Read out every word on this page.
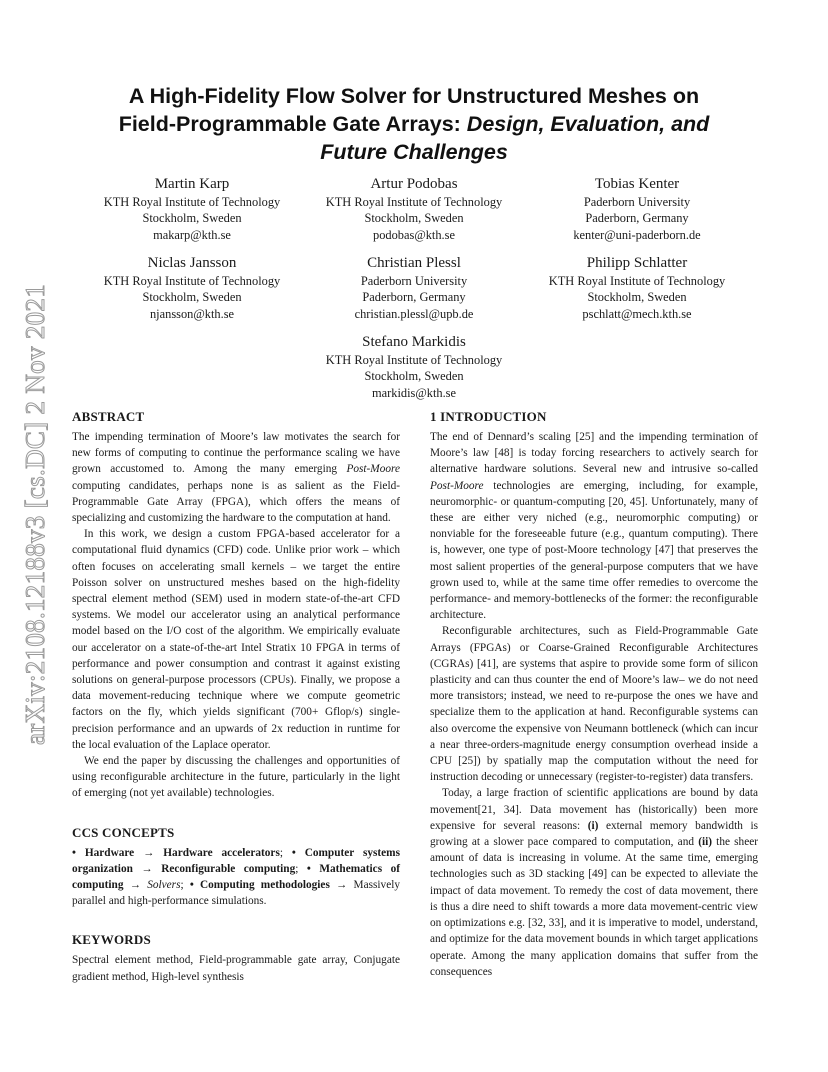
arXiv:2108.12188v3 [cs.DC] 2 Nov 2021
A High-Fidelity Flow Solver for Unstructured Meshes on
Field-Programmable Gate Arrays: Design, Evaluation, and
Future Challenges
Martin Karp
KTH Royal Institute of Technology
Stockholm, Sweden
makarp@kth.se
Artur Podobas
KTH Royal Institute of Technology
Stockholm, Sweden
podobas@kth.se
Tobias Kenter
Paderborn University
Paderborn, Germany
kenter@uni-paderborn.de
Niclas Jansson
KTH Royal Institute of Technology
Stockholm, Sweden
njansson@kth.se
Christian Plessl
Paderborn University
Paderborn, Germany
christian.plessl@upb.de
Philipp Schlatter
KTH Royal Institute of Technology
Stockholm, Sweden
pschlatt@mech.kth.se
Stefano Markidis
KTH Royal Institute of Technology
Stockholm, Sweden
markidis@kth.se
ABSTRACT

The impending termination of Moore’s law motivates the search for new forms of computing to continue the performance scaling we have grown accustomed to. Among the many emerging Post-Moore computing candidates, perhaps none is as salient as the Field-Programmable Gate Array (FPGA), which offers the means of specializing and customizing the hardware to the computation at hand.

In this work, we design a custom FPGA-based accelerator for a computational fluid dynamics (CFD) code. Unlike prior work – which often focuses on accelerating small kernels – we target the entire Poisson solver on unstructured meshes based on the high-fidelity spectral element method (SEM) used in modern state-of-the-art CFD systems. We model our accelerator using an analytical performance model based on the I/O cost of the algorithm. We empirically evaluate our accelerator on a state-of-the-art Intel Stratix 10 FPGA in terms of performance and power consumption and contrast it against existing solutions on general-purpose processors (CPUs). Finally, we propose a data movement-reducing technique where we compute geometric factors on the fly, which yields significant (700+ Gflop/s) single-precision performance and an upwards of 2x reduction in runtime for the local evaluation of the Laplace operator.

We end the paper by discussing the challenges and opportunities of using reconfigurable architecture in the future, particularly in the light of emerging (not yet available) technologies.

CCS CONCEPTS

• Hardware → Hardware accelerators; • Computer systems organization → Reconfigurable computing; • Mathematics of computing → Solvers; • Computing methodologies → Massively parallel and high-performance simulations.

KEYWORDS

Spectral element method, Field-programmable gate array, Conjugate gradient method, High-level synthesis

1 INTRODUCTION

The end of Dennard’s scaling [25] and the impending termination of Moore’s law [48] is today forcing researchers to actively search for alternative hardware solutions. Several new and intrusive so-called Post-Moore technologies are emerging, including, for example, neuromorphic- or quantum-computing [20, 45]. Unfortunately, many of these are either very niched (e.g., neuromorphic computing) or nonviable for the foreseeable future (e.g., quantum computing). There is, however, one type of post-Moore technology [47] that preserves the most salient properties of the general-purpose computers that we have grown used to, while at the same time offer remedies to overcome the performance- and memory-bottlenecks of the former: the reconfigurable architecture.

Reconfigurable architectures, such as Field-Programmable Gate Arrays (FPGAs) or Coarse-Grained Reconfigurable Architectures (CGRAs) [41], are systems that aspire to provide some form of silicon plasticity and can thus counter the end of Moore’s law– we do not need more transistors; instead, we need to re-purpose the ones we have and specialize them to the application at hand. Reconfigurable systems can also overcome the expensive von Neumann bottleneck (which can incur a near three-orders-magnitude energy consumption overhead inside a CPU [25]) by spatially map the computation without the need for instruction decoding or unnecessary (register-to-register) data transfers.

Today, a large fraction of scientific applications are bound by data movement[21, 34]. Data movement has (historically) been more expensive for several reasons: (i) external memory bandwidth is growing at a slower pace compared to computation, and (ii) the sheer amount of data is increasing in volume. At the same time, emerging technologies such as 3D stacking [49] can be expected to alleviate the impact of data movement. To remedy the cost of data movement, there is thus a dire need to shift towards a more data movement-centric view on optimizations e.g. [32, 33], and it is imperative to model, understand, and optimize for the data movement bounds in which target applications operate. Among the many application domains that suffer from the consequences
